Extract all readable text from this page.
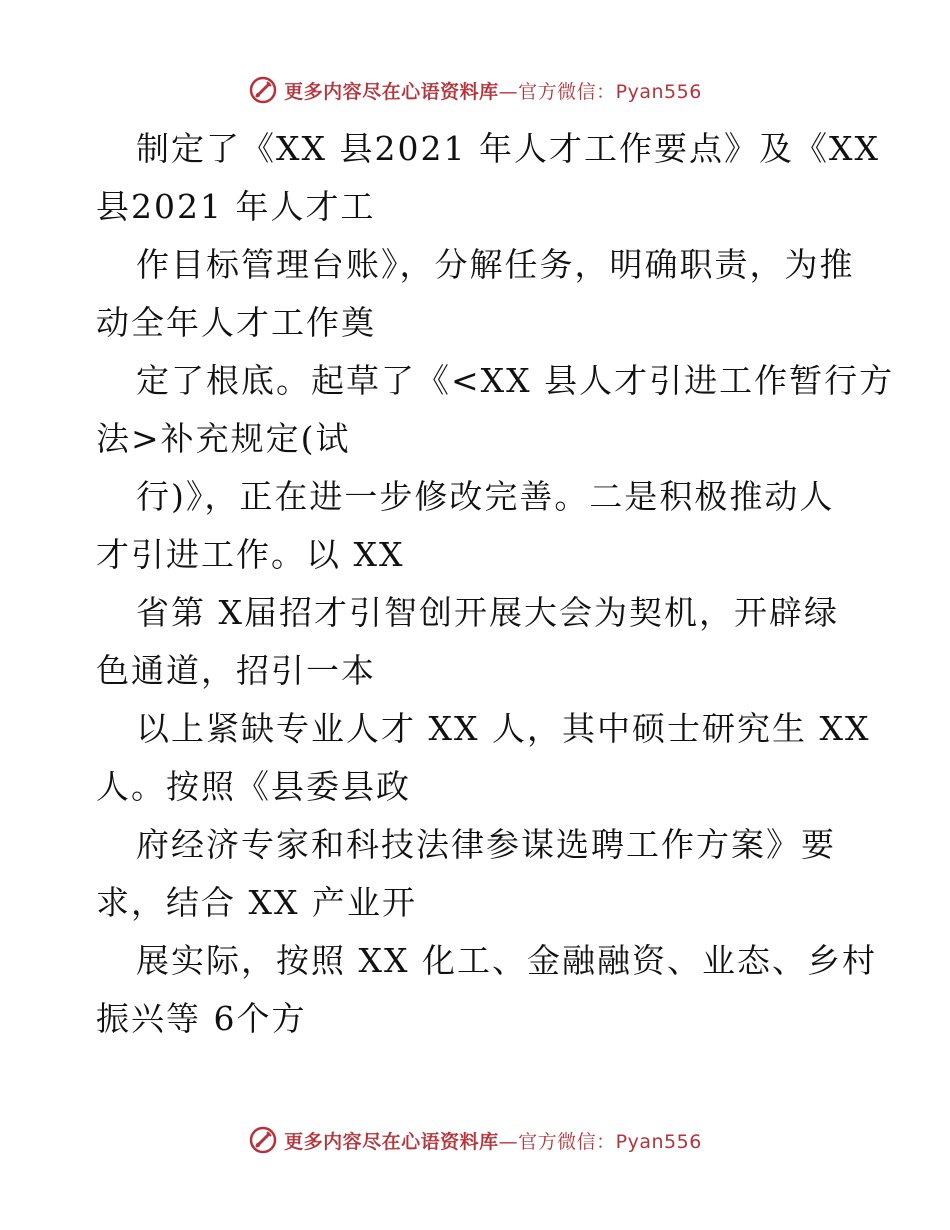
更多内容尽在心语资料库—官方微信：Pyan556
制定了《XX 县2021 年人才工作要点》及《XX
县2021 年人才工
作目标管理台账》，分解任务，明确职责，为推
动全年人才工作奠
定了根底。起草了《<XX 县人才引进工作暂行方
法>补充规定(试
行)》，正在进一步修改完善。二是积极推动人
才引进工作。以 XX
省第 X届招才引智创开展大会为契机，开辟绿
色通道，招引一本
以上紧缺专业人才 XX 人，其中硕士研究生 XX
人。按照《县委县政
府经济专家和科技法律参谋选聘工作方案》要
求，结合 XX 产业开
展实际，按照 XX 化工、金融融资、业态、乡村
振兴等 6个方
更多内容尽在心语资料库—官方微信：Pyan556
